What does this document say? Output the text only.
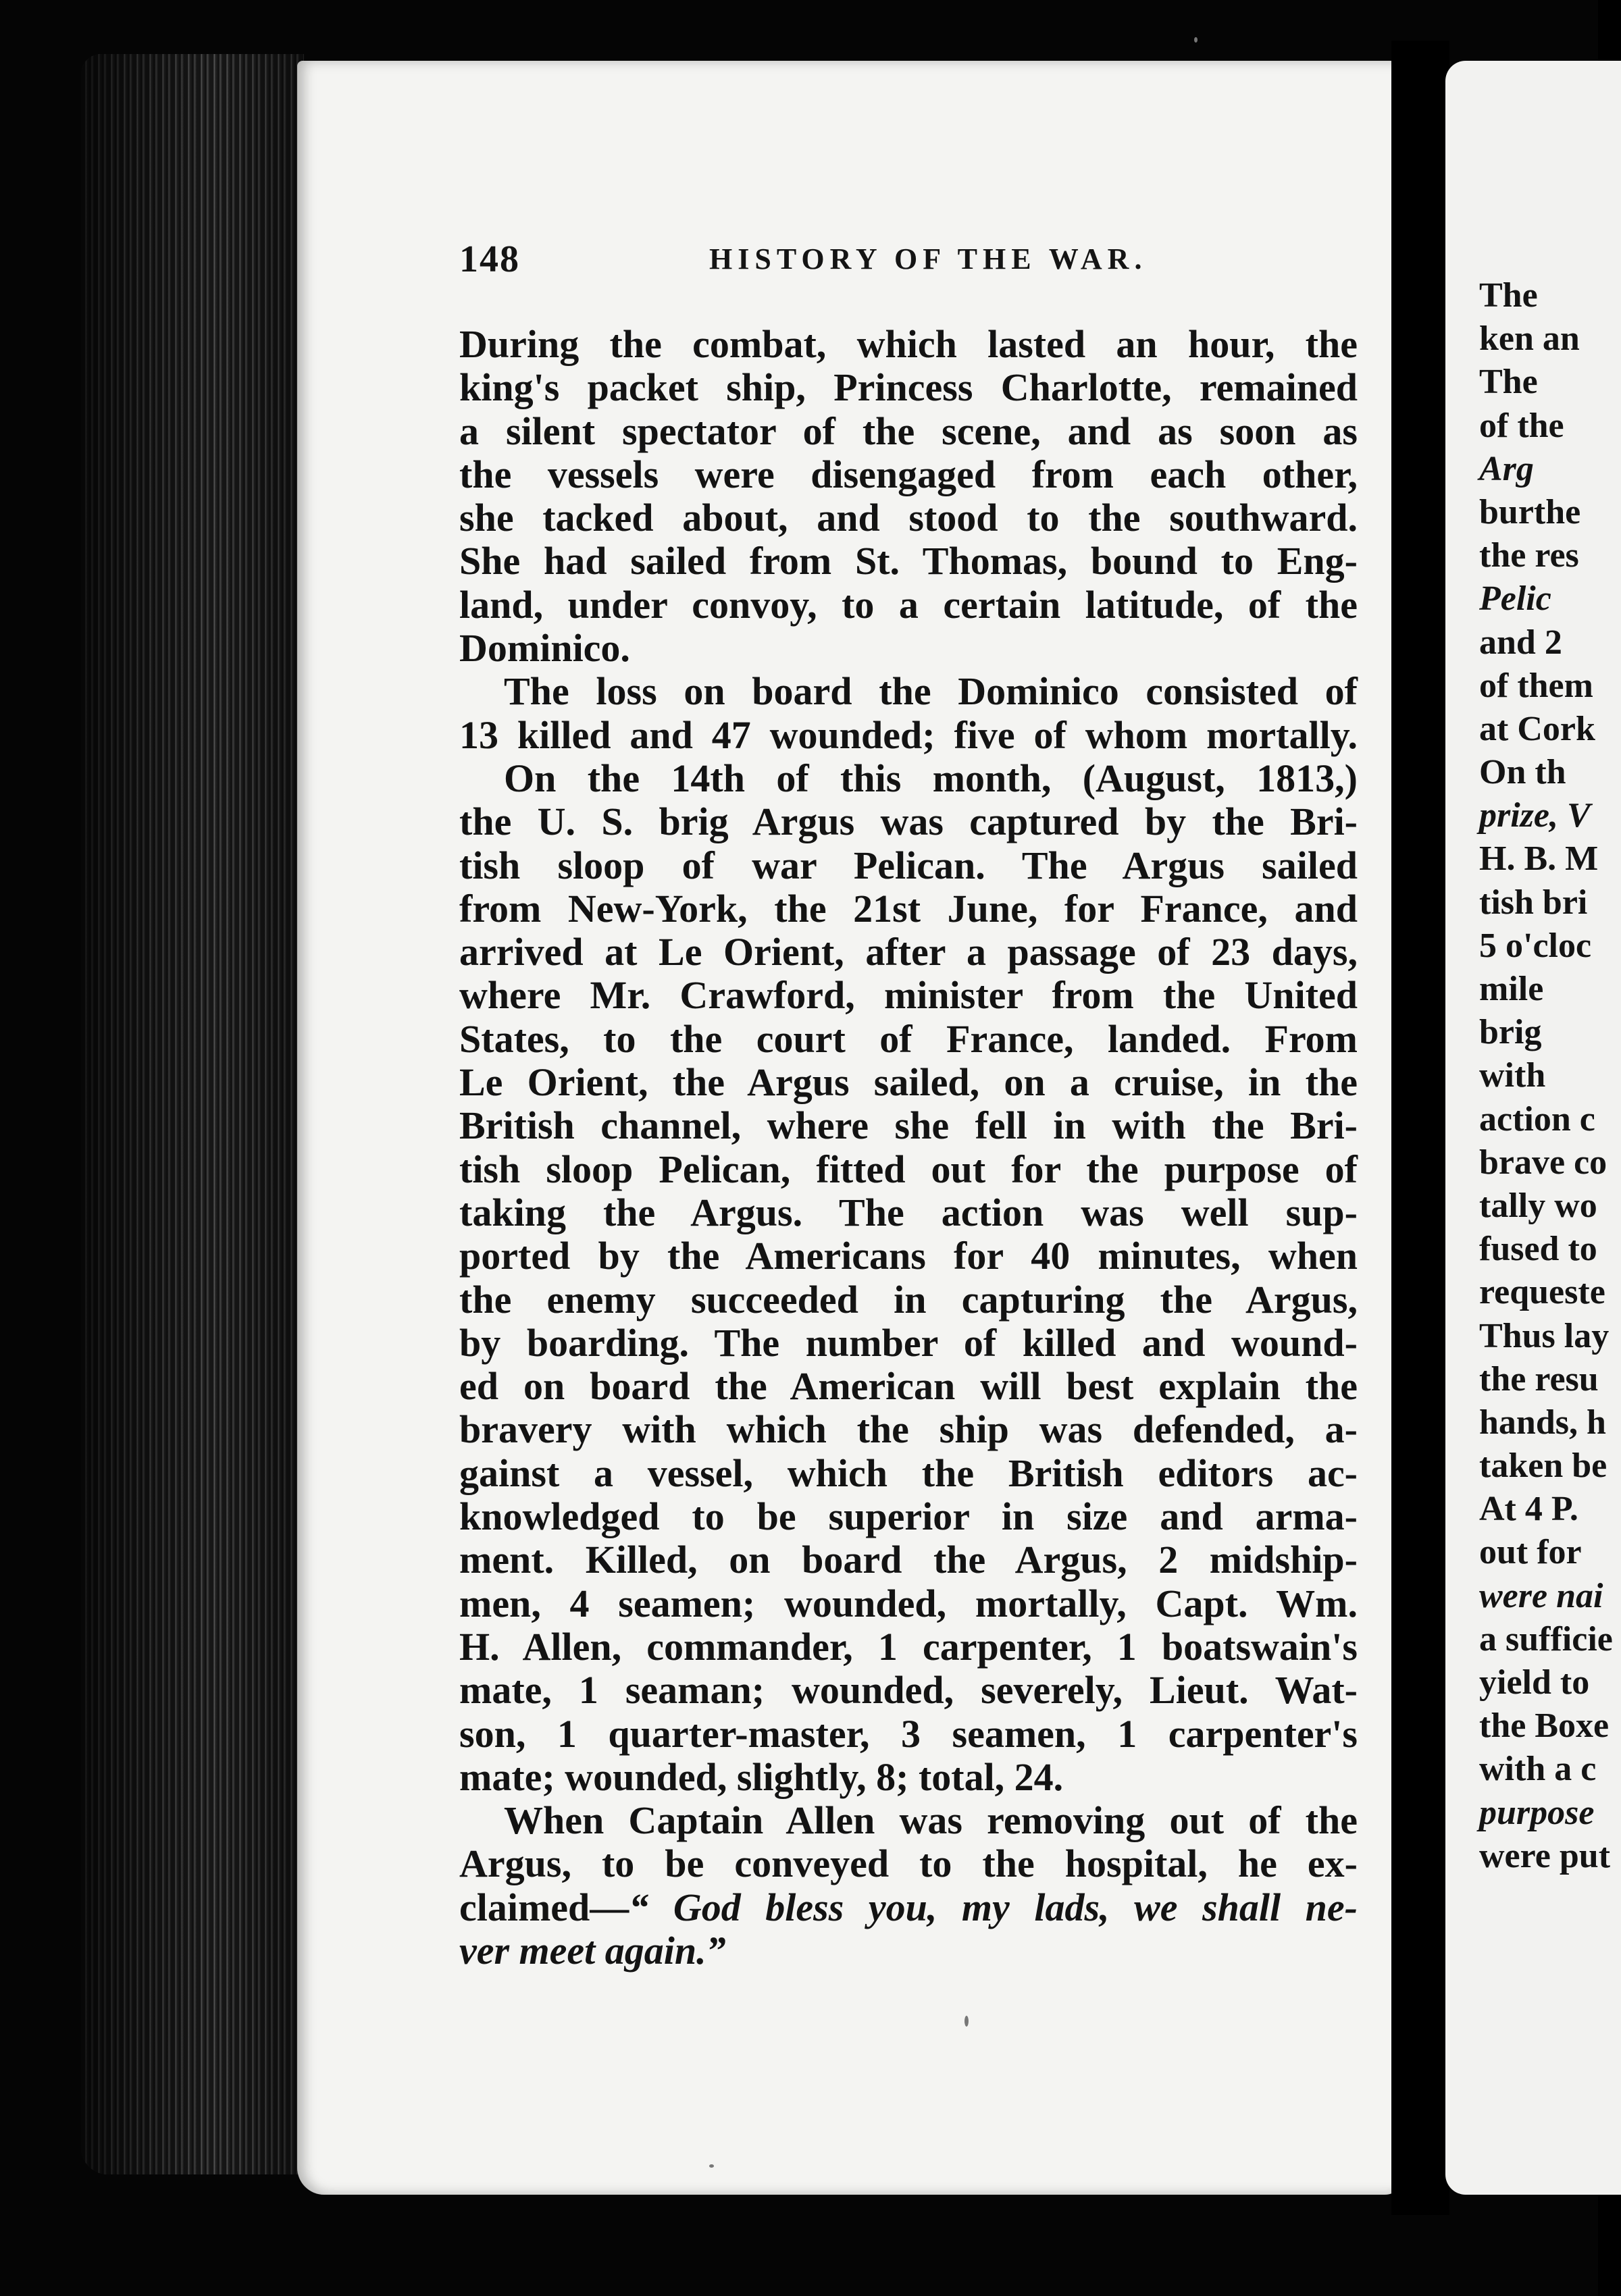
148	HISTORY OF THE WAR.
During the combat, which lasted an hour, the
king's packet ship, Princess Charlotte, remained
a silent spectator of the scene, and as soon as
the vessels were disengaged from each other,
she tacked about, and stood to the southward.
She had sailed from St. Thomas, bound to Eng-
land, under convoy, to a certain latitude, of the
Dominico.
The loss on board the Dominico consisted of
13 killed and 47 wounded; five of whom mortally.
On the 14th of this month, (August, 1813,)
the U. S. brig Argus was captured by the Bri-
tish sloop of war Pelican. The Argus sailed
from New-York, the 21st June, for France, and
arrived at Le Orient, after a passage of 23 days,
where Mr. Crawford, minister from the United
States, to the court of France, landed. From
Le Orient, the Argus sailed, on a cruise, in the
British channel, where she fell in with the Bri-
tish sloop Pelican, fitted out for the purpose of
taking the Argus. The action was well sup-
ported by the Americans for 40 minutes, when
the enemy succeeded in capturing the Argus,
by boarding. The number of killed and wound-
ed on board the American will best explain the
bravery with which the ship was defended, a-
gainst a vessel, which the British editors ac-
knowledged to be superior in size and arma-
ment. Killed, on board the Argus, 2 midship-
men, 4 seamen; wounded, mortally, Capt. Wm.
H. Allen, commander, 1 carpenter, 1 boatswain's
mate, 1 seaman; wounded, severely, Lieut. Wat-
son, 1 quarter-master, 3 seamen, 1 carpenter's
mate; wounded, slightly, 8; total, 24.
When Captain Allen was removing out of the
Argus, to be conveyed to the hospital, he ex-
claimed—“ God bless you, my lads, we shall ne-
ver meet again.”
The
ken an
The
of the
Arg
burthe
the res
Pelic
and 2
of them
at Cork
On th
prize, V
H. B. M
tish bri
5 o'cloc
mile
brig
with
action c
brave co
tally wo
fused to
requeste
Thus lay
the resu
hands, h
taken be
At 4 P.
out for
were nai
a sufficie
yield to
the Boxe
with a c
purpose
were put
